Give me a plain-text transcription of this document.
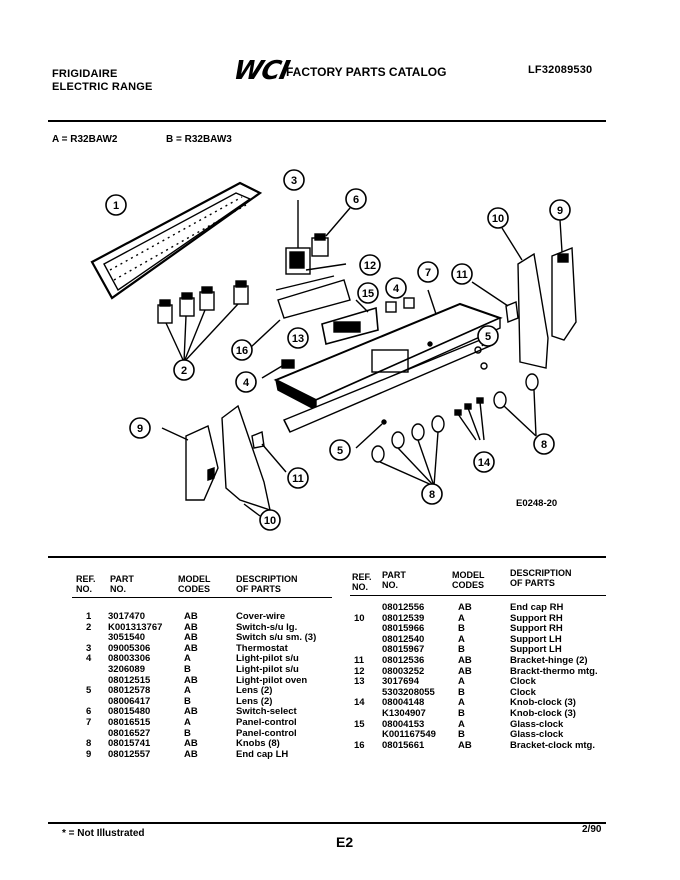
FRIGIDAIRE
ELECTRIC RANGE
WCI
FACTORY PARTS CATALOG	LF32089530
A = R32BAW2	B = R32BAW3
1
2
3
6
12
15 4
7 11
10
9
13
16
4
5
5
9
11
10
8
8
14
E0248-20
REF.
NO.
PART
NO.
MODEL
CODES
DESCRIPTION
OF PARTS
REF.
NO.
PART
NO.
MODEL
CODES
DESCRIPTION
OF PARTS
1 3017470	AB	Cover-wire
2 K001313767 AB	Switch-s/u lg.
3051540	AB	Switch s/u sm. (3)
3 09005306	AB	Thermostat
4 08003306	A	Light-pilot s/u
3206089	B	Light-pilot s/u
08012515	AB	Light-pilot oven
5 08012578	A	Lens (2)
08006417	B	Lens (2)
6 08015480	AB	Switch-select
7 08016515	A	Panel-control
08016527	B	Panel-control
8 08015741	AB	Knobs (8)
9 08012557	AB	End cap LH
08012556	AB	End cap RH
10 08012539	A	Support RH
08015966	B	Support RH
08012540	A	Support LH
08015967	B	Support LH
11 08012536	AB	Bracket-hinge (2)
12 08003252	AB	Brackt-thermo mtg.
13 3017694	A	Clock
5303208055 B	Clock
14 08004148	A	Knob-clock (3)
K1304907	B	Knob-clock (3)
15 08004153	A	Glass-clock
K001167549 B	Glass-clock
16 08015661	AB	Bracket-clock mtg.
* = Not Illustrated
E2
2/90
